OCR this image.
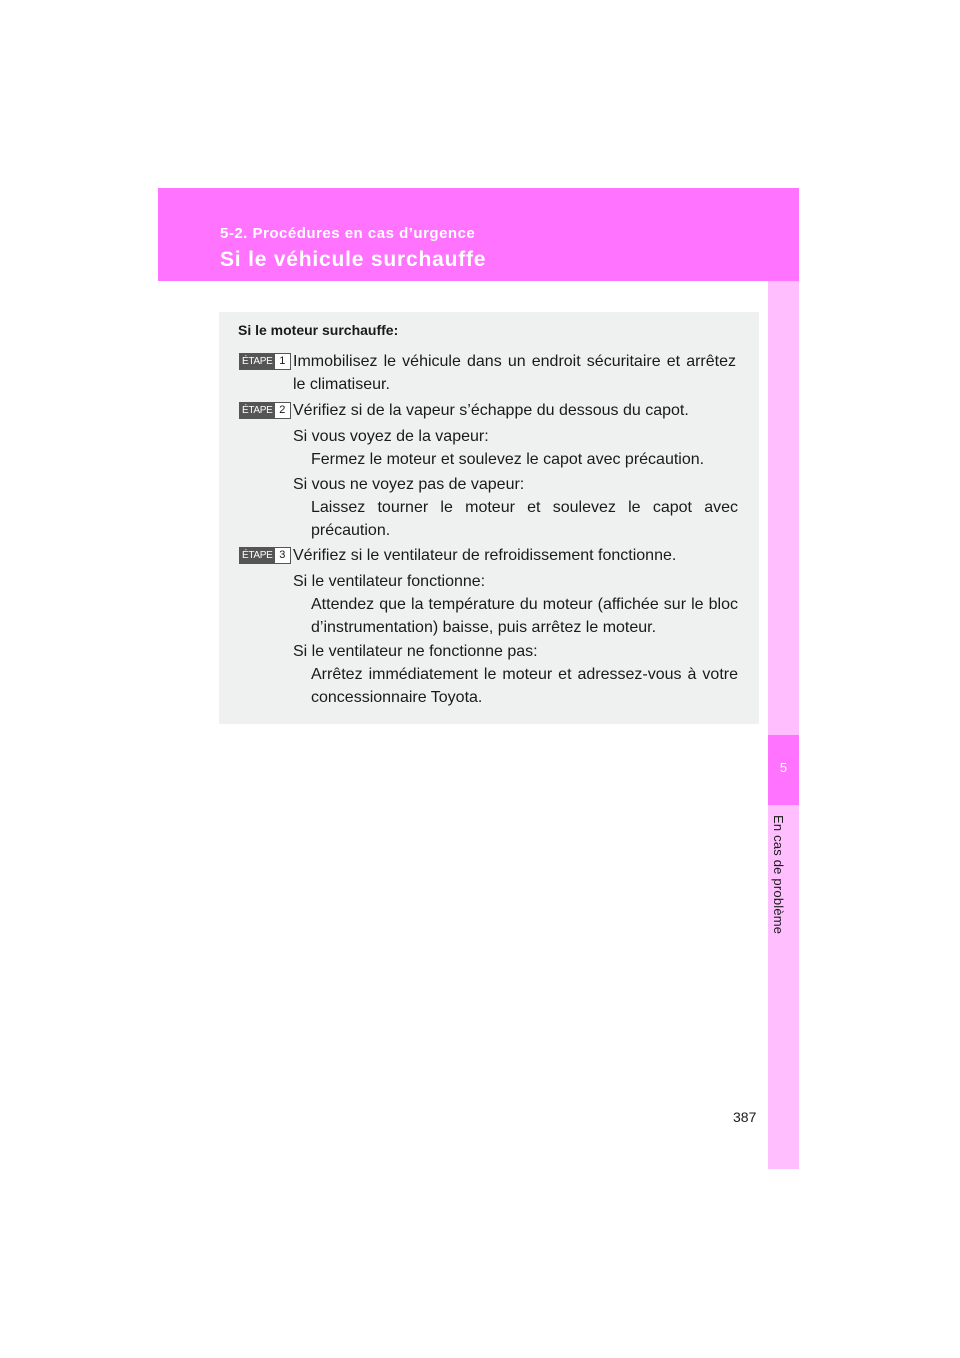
5-2. Procédures en cas d’urgence
Si le véhicule surchauffe
5
En cas de problème
Si le moteur surchauffe:
ÉTAPE 1 Immobilisez le véhicule dans un endroit sécuritaire et arrêtez le climatiseur.
ÉTAPE 2 Vérifiez si de la vapeur s’échappe du dessous du capot.
Si vous voyez de la vapeur:
Fermez le moteur et soulevez le capot avec précaution.
Si vous ne voyez pas de vapeur:
Laissez tourner le moteur et soulevez le capot avec précaution.
ÉTAPE 3 Vérifiez si le ventilateur de refroidissement fonctionne.
Si le ventilateur fonctionne:
Attendez que la température du moteur (affichée sur le bloc d’instrumentation) baisse, puis arrêtez le moteur.
Si le ventilateur ne fonctionne pas:
Arrêtez immédiatement le moteur et adressez-vous à votre concessionnaire Toyota.
387
